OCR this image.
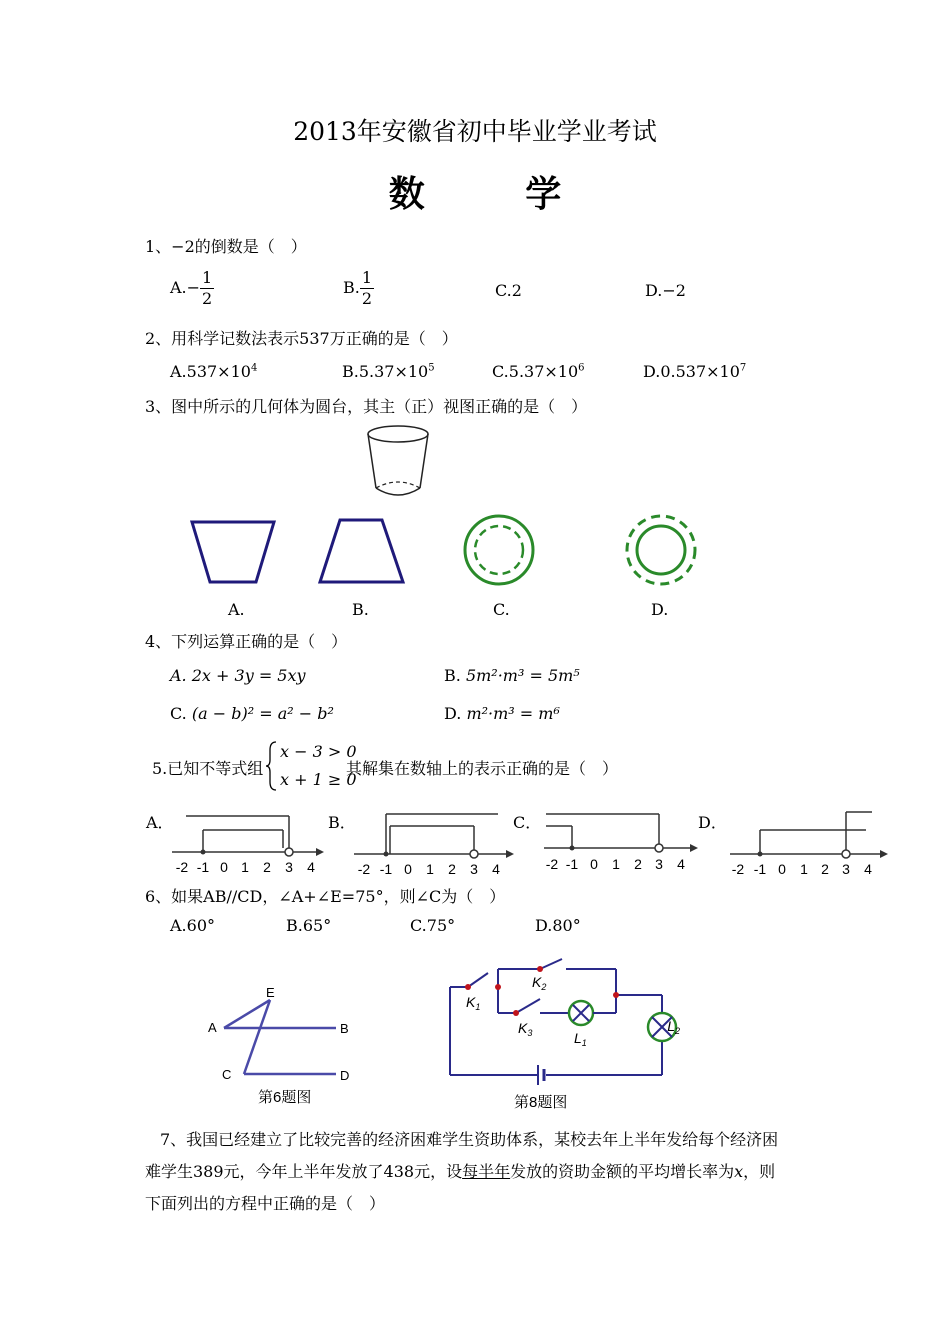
2013年安徽省初中毕业学业考试
数 学
1、−2的倒数是（　）
$A.- \frac{1}{2}$	B. $\frac{1}{2}$	C.2	D.−2
2、用科学记数法表示537万正确的是（　）
$A.537\times 10^4$	$B.5.37\times 10^5$	$C.5.37\times 10^6$	$D.0.537\times 10^7$
3、图中所示的几何体为圆台，其主（正）视图正确的是（　）
A.	B.	C.	D.
4、下列运算正确的是（　）
A. 2x + 3y = 5xy	B. 5m²·m³ = 5m⁵
C. (a − b)² = a² − b²	D. m²·m³ = m⁶
5.已知不等式组
x − 3 > 0
x + 1 ≥ 0
其解集在数轴上的表示正确的是（　）
A．	B．	C．	D．
-2 -1 0 1 2 3 4	-2 -1 0 1 2 3 4	-2 -1 0 1 2 3 4	-2 -1 0 1 2 3 4
6、如果AB//CD，∠A+∠E=75°，则∠C为（　）
A.60°	B.65°	C.75°	D.80°
A	B
C	D
E
第6题图
$K_1$
$K_2$
$K_3$	$L_1$
$L_2$
第8题图
7、我国已经建立了比较完善的经济困难学生资助体系，某校去年上半年发给每个经济困
难学生389元，今年上半年发放了438元，设每半年发放的资助金额的平均增长率为x，则
下面列出的方程中正确的是（　）
